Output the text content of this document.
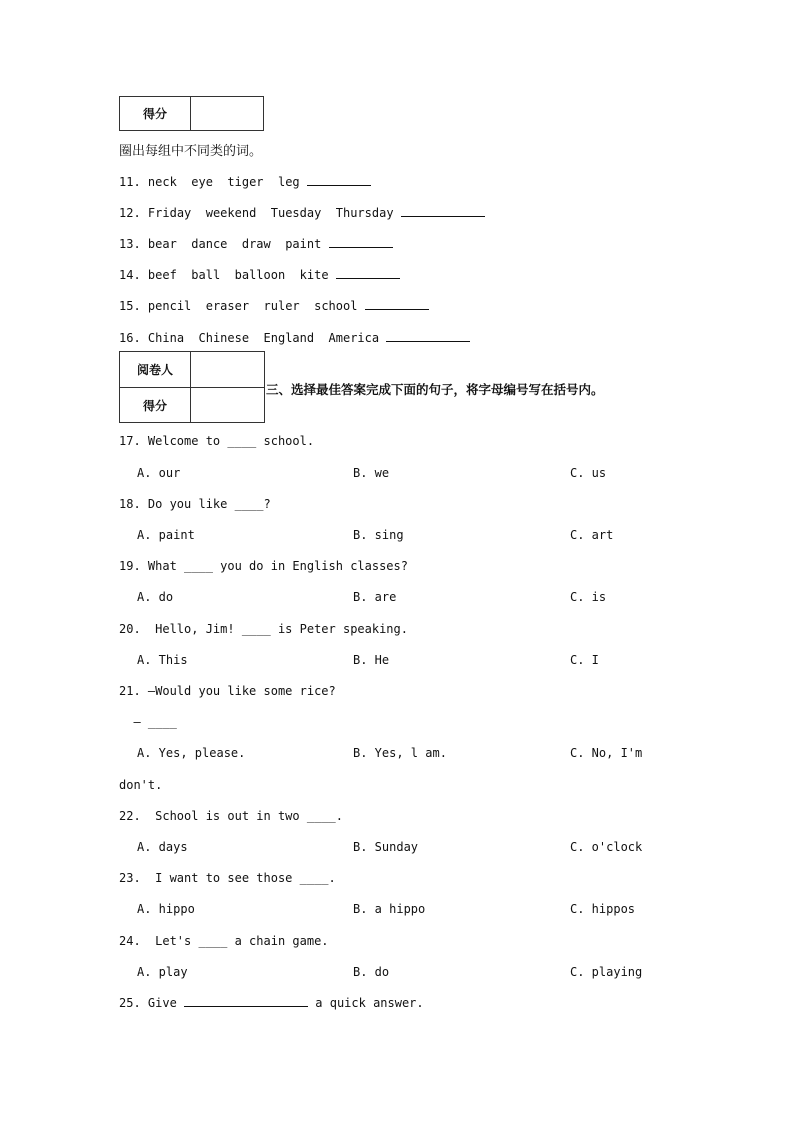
得分
圈出每组中不同类的词。
11. neck  eye  tiger  leg
12. Friday  weekend  Tuesday  Thursday
13. bear  dance  draw  paint
14. beef  ball  balloon  kite
15. pencil  eraser  ruler  school
16. China  Chinese  England  America
阅卷人
得分
三、选择最佳答案完成下面的句子，将字母编号写在括号内。
17. Welcome to ____ school.
A. our	B. we	C. us
18. Do you like ____?
A. paint	B. sing	C. art
19. What ____ you do in English classes?
A. do	B. are	C. is
20.  Hello, Jim! ____ is Peter speaking.
A. This	B. He	C. I
21. —Would you like some rice?
— ____
A. Yes, please.	B. Yes, l am.	C. No, I'm
don't.
22.  School is out in two ____.
A. days	B. Sunday	C. o'clock
23.  I want to see those ____.
A. hippo	B. a hippo	C. hippos
24.  Let's ____ a chain game.
A. play	B. do	C. playing
25. Give	a quick answer.
